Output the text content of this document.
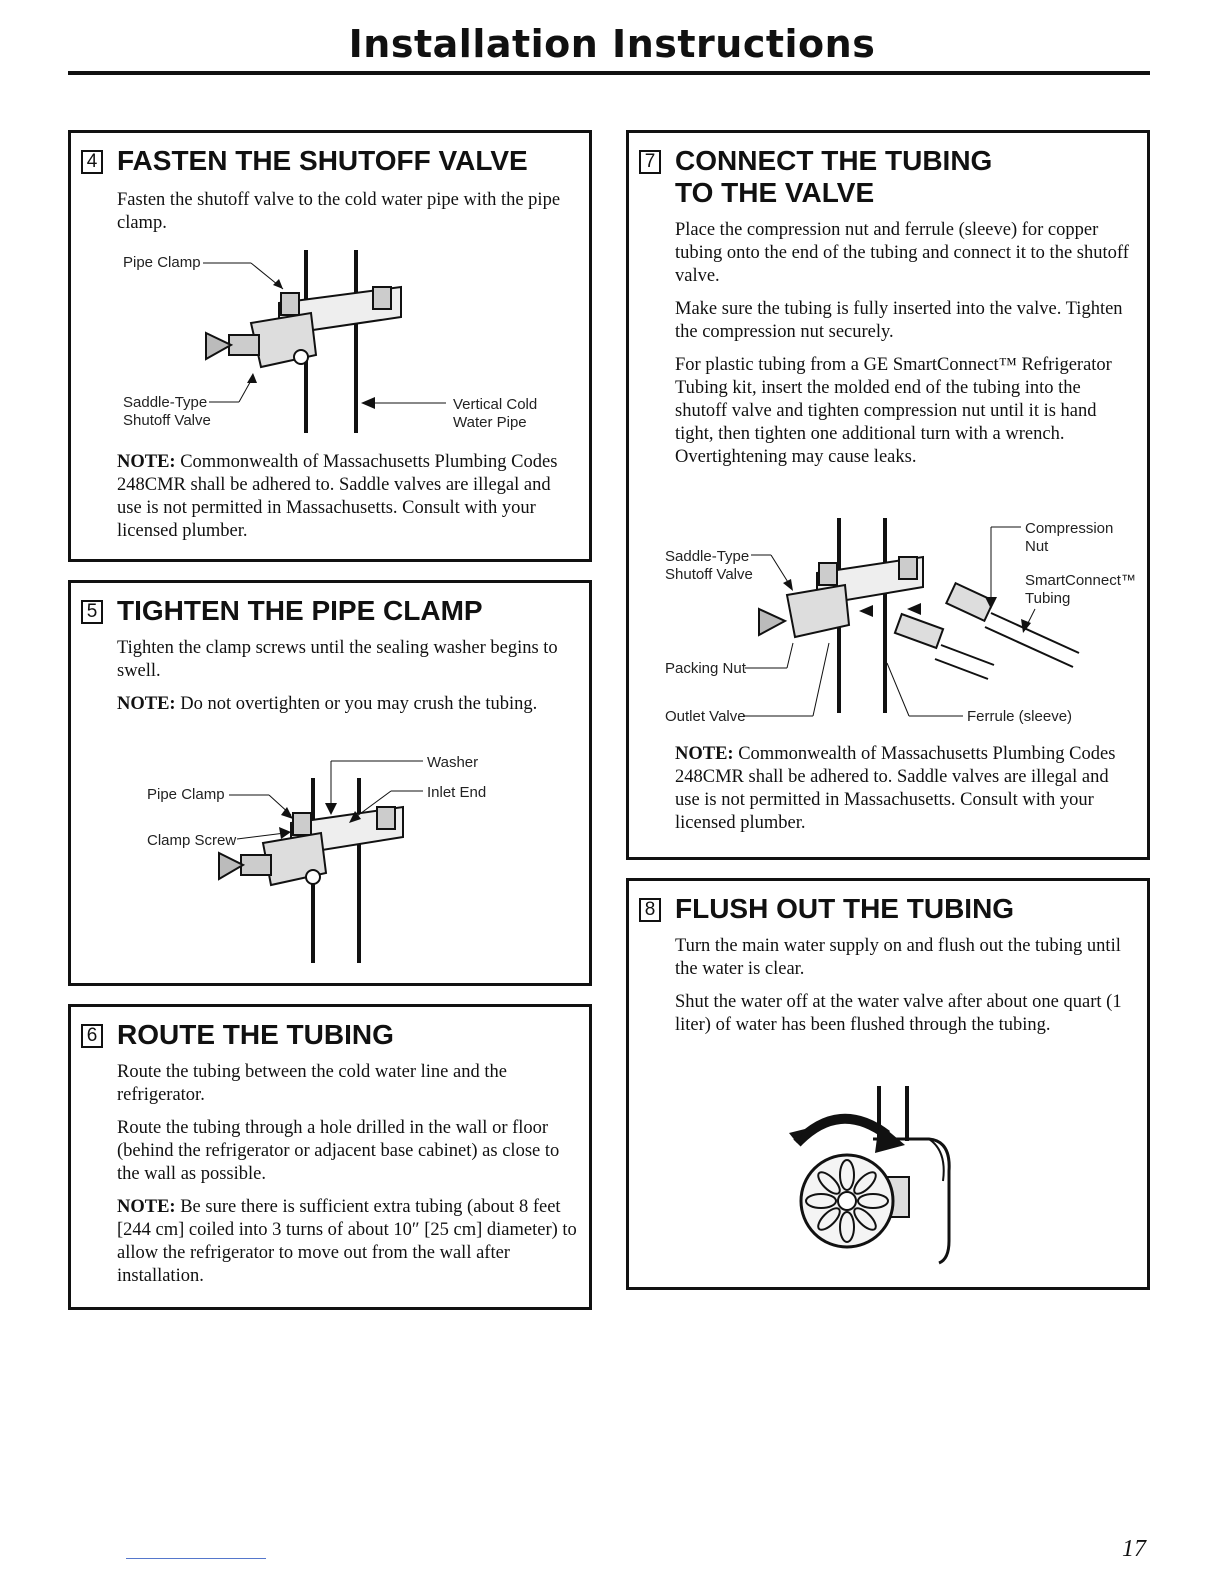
Installation Instructions
4 FASTEN THE SHUTOFF VALVE

Fasten the shutoff valve to the cold water pipe with the pipe clamp.

Pipe Clamp
Saddle-Type
Shutoff Valve
Vertical Cold
Water Pipe

NOTE: Commonwealth of Massachusetts Plumbing Codes 248CMR shall be adhered to. Saddle valves are illegal and use is not permitted in Massachusetts. Consult with your licensed plumber.

5 TIGHTEN THE PIPE CLAMP

Tighten the clamp screws until the sealing washer begins to swell.

NOTE: Do not overtighten or you may crush the tubing.

Washer
Inlet End
Pipe Clamp
Clamp Screw
6 ROUTE THE TUBING

Route the tubing between the cold water line and the refrigerator.

Route the tubing through a hole drilled in the wall or floor (behind the refrigerator or adjacent base cabinet) as close to the wall as possible.

NOTE: Be sure there is sufficient extra tubing (about 8 feet [244 cm] coiled into 3 turns of about 10″ [25 cm] diameter) to allow the refrigerator to move out from the wall after installation.

7 CONNECT THE TUBING
TO THE VALVE

Place the compression nut and ferrule (sleeve) for copper tubing onto the end of the tubing and connect it to the shutoff valve.

Make sure the tubing is fully inserted into the valve. Tighten the compression nut securely.

For plastic tubing from a GE SmartConnect™ Refrigerator Tubing kit, insert the molded end of the tubing into the shutoff valve and tighten compression nut until it is hand tight, then tighten one additional turn with a wrench. Overtightening may cause leaks.

Compression
Nut
SmartConnect™
Tubing
Saddle-Type
Shutoff Valve
Packing Nut
Outlet Valve	Ferrule (sleeve)

NOTE: Commonwealth of Massachusetts Plumbing Codes 248CMR shall be adhered to. Saddle valves are illegal and use is not permitted in Massachusetts. Consult with your licensed plumber.

8 FLUSH OUT THE TUBING

Turn the main water supply on and flush out the tubing until the water is clear.

Shut the water off at the water valve after about one quart (1 liter) of water has been flushed through the tubing.

17
